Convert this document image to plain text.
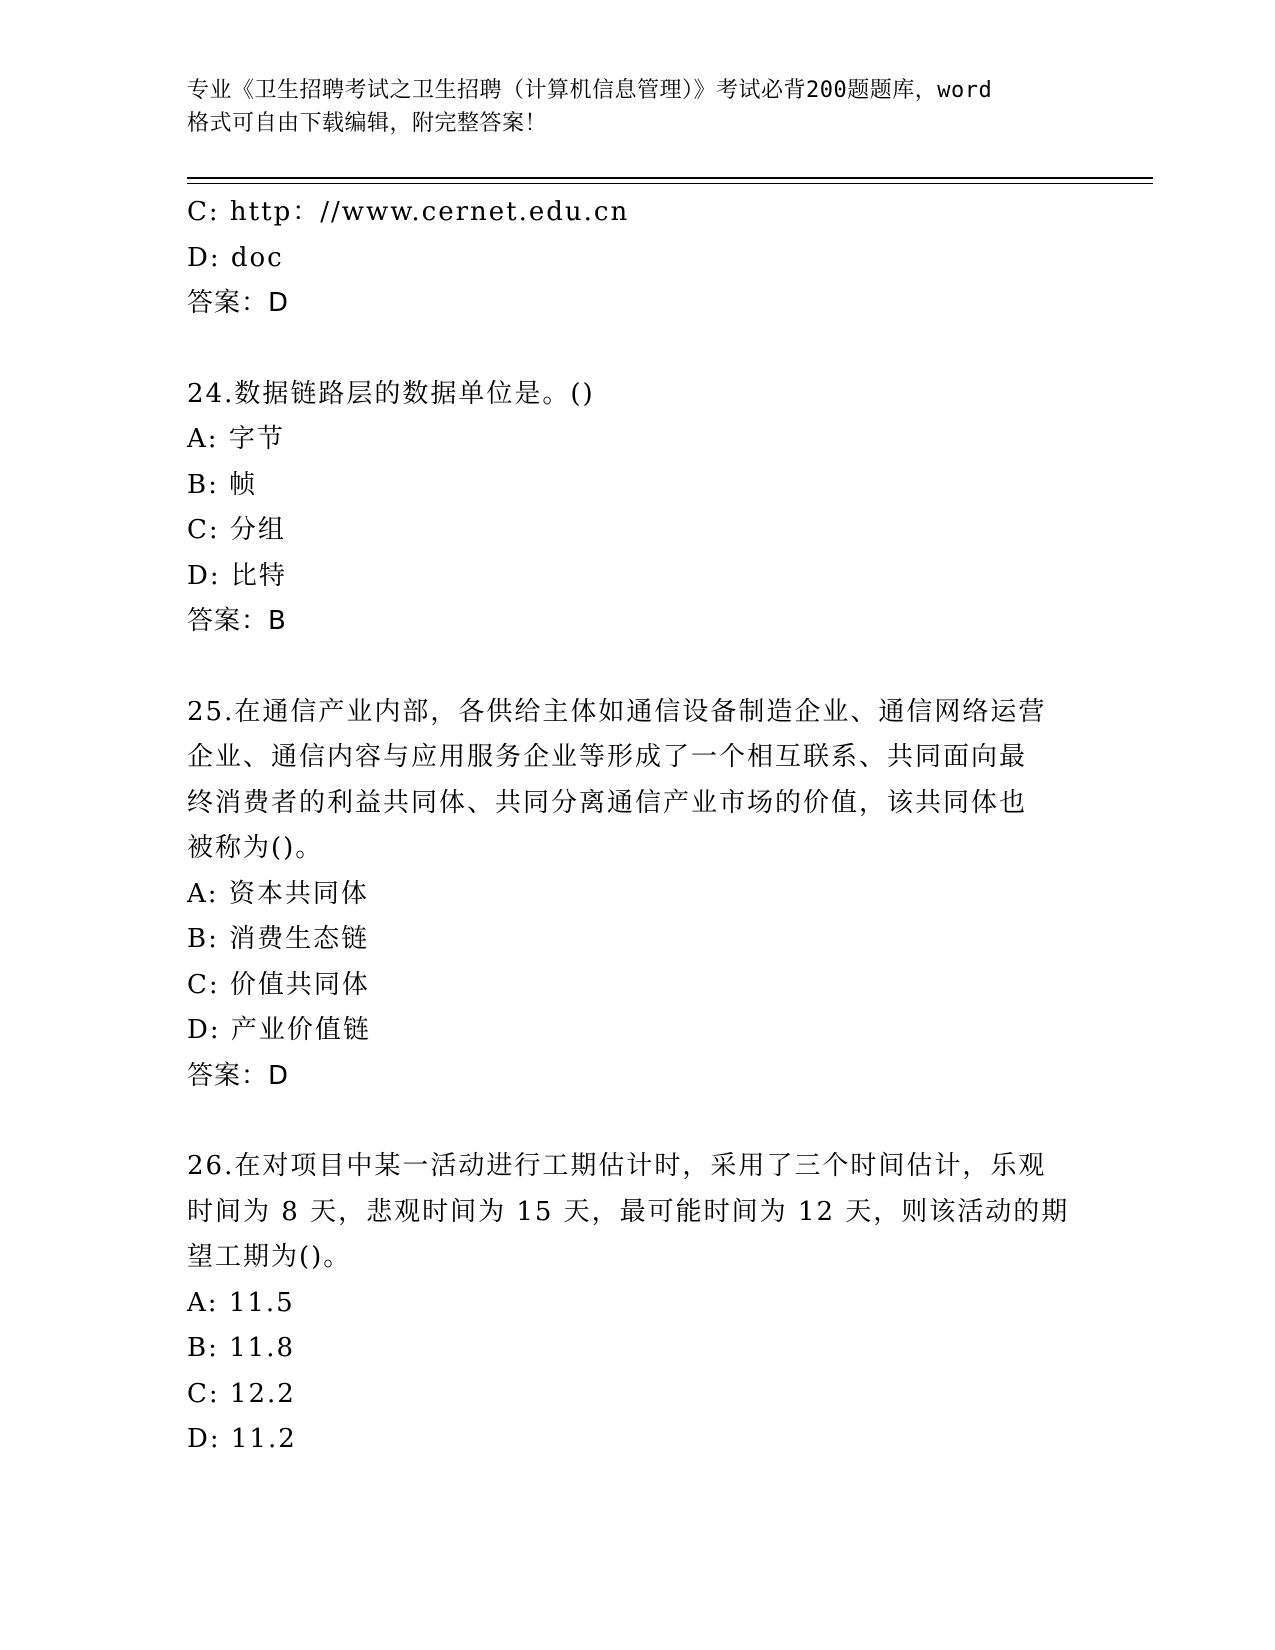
专业《卫生招聘考试之卫生招聘（计算机信息管理）》考试必背200题题库，word
格式可自由下载编辑，附完整答案！
C: http：//www.cernet.edu.cn
D: doc
答案：D
24.数据链路层的数据单位是。()
A: 字节
B: 帧
C: 分组
D: 比特
答案：B
25.在通信产业内部，各供给主体如通信设备制造企业、通信网络运营
企业、通信内容与应用服务企业等形成了一个相互联系、共同面向最
终消费者的利益共同体、共同分离通信产业市场的价值，该共同体也
被称为()。
A: 资本共同体
B: 消费生态链
C: 价值共同体
D: 产业价值链
答案：D
26.在对项目中某一活动进行工期估计时，采用了三个时间估计，乐观
时间为 8 天，悲观时间为 15 天，最可能时间为 12 天，则该活动的期
望工期为()。
A: 11.5
B: 11.8
C: 12.2
D: 11.2
